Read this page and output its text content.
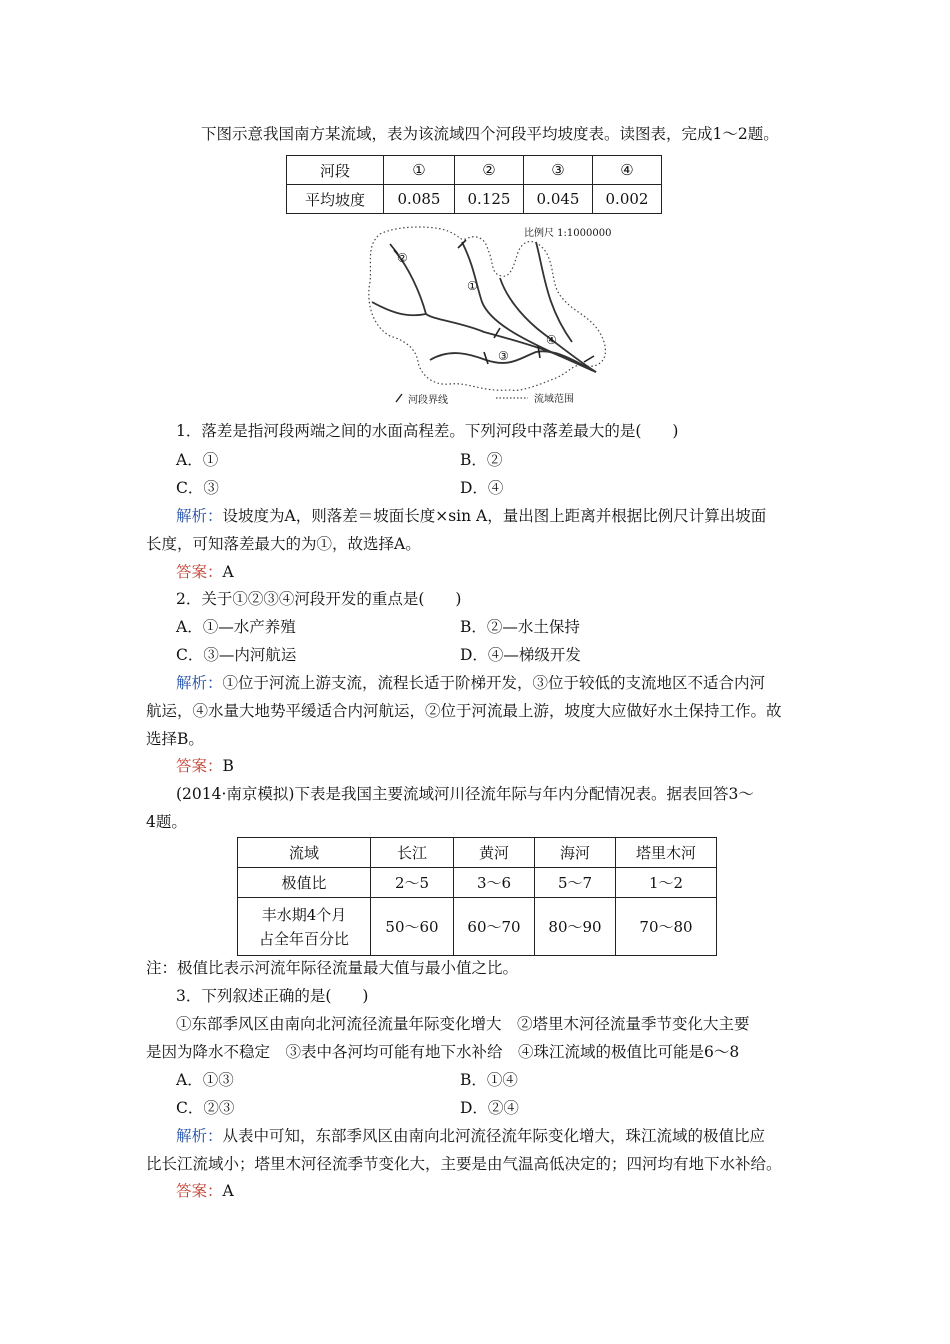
下图示意我国南方某流域，表为该流域四个河段平均坡度表。读图表，完成1～2题。
河段	①	②	③	④
平均坡度	0.085	0.125	0.045	0.002
②
①
④
③
比例尺 1:1000000
河段界线	流域范围
1．落差是指河段两端之间的水面高程差。下列河段中落差最大的是(　　)
A．①	B．②
C．③	D．④
解析：设坡度为A，则落差＝坡面长度×sin A，量出图上距离并根据比例尺计算出坡面
长度，可知落差最大的为①，故选择A。
答案：A
2．关于①②③④河段开发的重点是(　　)
A．①—水产养殖	B．②—水土保持
C．③—内河航运	D．④—梯级开发
解析：①位于河流上游支流，流程长适于阶梯开发，③位于较低的支流地区不适合内河
航运，④水量大地势平缓适合内河航运，②位于河流最上游，坡度大应做好水土保持工作。故
选择B。
答案：B
(2014·南京模拟)下表是我国主要流域河川径流年际与年内分配情况表。据表回答3～
4题。
流域	长江	黄河	海河	塔里木河
极值比	2～5	3～6	5～7	1～2

丰水期4个月
占全年百分比	50～60	60～70	80～90	70～80
注：极值比表示河流年际径流量最大值与最小值之比。
3．下列叙述正确的是(　　)
①东部季风区由南向北河流径流量年际变化增大　②塔里木河径流量季节变化大主要
是因为降水不稳定　③表中各河均可能有地下水补给　④珠江流域的极值比可能是6～8
A．①③	B．①④
C．②③	D．②④
解析：从表中可知，东部季风区由南向北河流径流年际变化增大，珠江流域的极值比应
比长江流域小；塔里木河径流季节变化大，主要是由气温高低决定的；四河均有地下水补给。
答案：A
